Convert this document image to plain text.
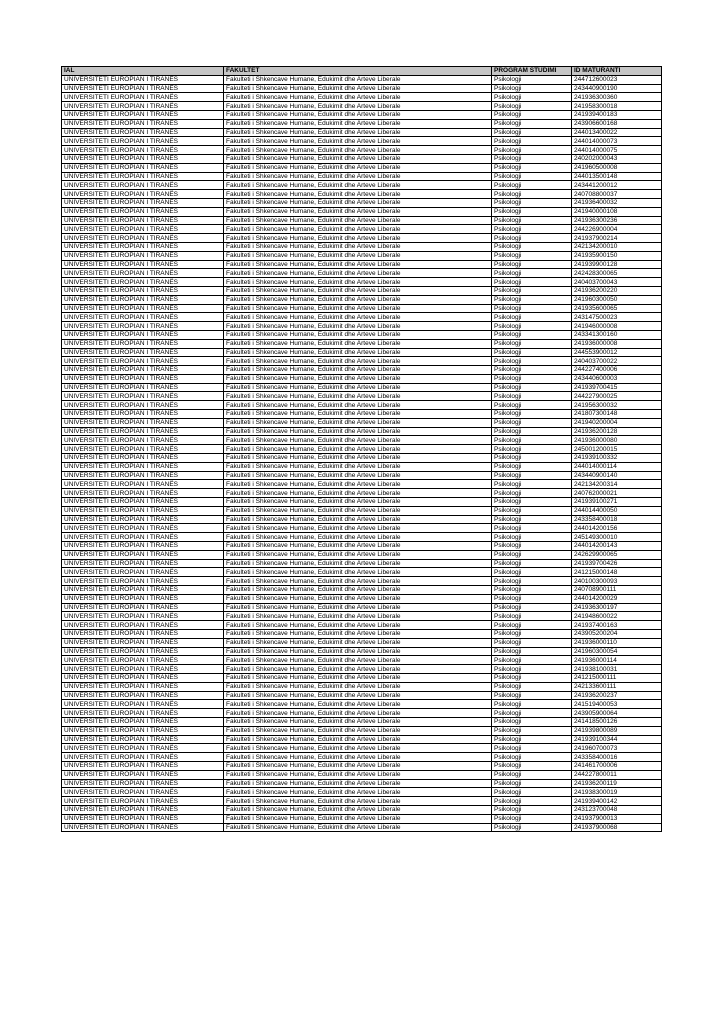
IAL	FAKULTET	PROGRAM STUDIMI	ID MATURANTI
UNIVERSITETI EUROPIAN I TIRANËS	Fakulteti i Shkencave Humane, Edukimit dhe Arteve Liberale	Psikologji	244712600023
UNIVERSITETI EUROPIAN I TIRANËS	Fakulteti i Shkencave Humane, Edukimit dhe Arteve Liberale	Psikologji	243440900190
UNIVERSITETI EUROPIAN I TIRANËS	Fakulteti i Shkencave Humane, Edukimit dhe Arteve Liberale	Psikologji	241936300360
UNIVERSITETI EUROPIAN I TIRANËS	Fakulteti i Shkencave Humane, Edukimit dhe Arteve Liberale	Psikologji	241958300018
UNIVERSITETI EUROPIAN I TIRANËS	Fakulteti i Shkencave Humane, Edukimit dhe Arteve Liberale	Psikologji	241939400183
UNIVERSITETI EUROPIAN I TIRANËS	Fakulteti i Shkencave Humane, Edukimit dhe Arteve Liberale	Psikologji	243906600168
UNIVERSITETI EUROPIAN I TIRANËS	Fakulteti i Shkencave Humane, Edukimit dhe Arteve Liberale	Psikologji	244013400022
UNIVERSITETI EUROPIAN I TIRANËS	Fakulteti i Shkencave Humane, Edukimit dhe Arteve Liberale	Psikologji	244014000073
UNIVERSITETI EUROPIAN I TIRANËS	Fakulteti i Shkencave Humane, Edukimit dhe Arteve Liberale	Psikologji	244014000075
UNIVERSITETI EUROPIAN I TIRANËS	Fakulteti i Shkencave Humane, Edukimit dhe Arteve Liberale	Psikologji	240202000043
UNIVERSITETI EUROPIAN I TIRANËS	Fakulteti i Shkencave Humane, Edukimit dhe Arteve Liberale	Psikologji	241960500008
UNIVERSITETI EUROPIAN I TIRANËS	Fakulteti i Shkencave Humane, Edukimit dhe Arteve Liberale	Psikologji	244013500148
UNIVERSITETI EUROPIAN I TIRANËS	Fakulteti i Shkencave Humane, Edukimit dhe Arteve Liberale	Psikologji	243441200012
UNIVERSITETI EUROPIAN I TIRANËS	Fakulteti i Shkencave Humane, Edukimit dhe Arteve Liberale	Psikologji	240708800037
UNIVERSITETI EUROPIAN I TIRANËS	Fakulteti i Shkencave Humane, Edukimit dhe Arteve Liberale	Psikologji	241936400032
UNIVERSITETI EUROPIAN I TIRANËS	Fakulteti i Shkencave Humane, Edukimit dhe Arteve Liberale	Psikologji	241940000108
UNIVERSITETI EUROPIAN I TIRANËS	Fakulteti i Shkencave Humane, Edukimit dhe Arteve Liberale	Psikologji	241936300236
UNIVERSITETI EUROPIAN I TIRANËS	Fakulteti i Shkencave Humane, Edukimit dhe Arteve Liberale	Psikologji	244226900004
UNIVERSITETI EUROPIAN I TIRANËS	Fakulteti i Shkencave Humane, Edukimit dhe Arteve Liberale	Psikologji	241937900214
UNIVERSITETI EUROPIAN I TIRANËS	Fakulteti i Shkencave Humane, Edukimit dhe Arteve Liberale	Psikologji	242134200010
UNIVERSITETI EUROPIAN I TIRANËS	Fakulteti i Shkencave Humane, Edukimit dhe Arteve Liberale	Psikologji	241935900150
UNIVERSITETI EUROPIAN I TIRANËS	Fakulteti i Shkencave Humane, Edukimit dhe Arteve Liberale	Psikologji	241939900128
UNIVERSITETI EUROPIAN I TIRANËS	Fakulteti i Shkencave Humane, Edukimit dhe Arteve Liberale	Psikologji	242428300065
UNIVERSITETI EUROPIAN I TIRANËS	Fakulteti i Shkencave Humane, Edukimit dhe Arteve Liberale	Psikologji	240403700043
UNIVERSITETI EUROPIAN I TIRANËS	Fakulteti i Shkencave Humane, Edukimit dhe Arteve Liberale	Psikologji	241936200220
UNIVERSITETI EUROPIAN I TIRANËS	Fakulteti i Shkencave Humane, Edukimit dhe Arteve Liberale	Psikologji	241960300050
UNIVERSITETI EUROPIAN I TIRANËS	Fakulteti i Shkencave Humane, Edukimit dhe Arteve Liberale	Psikologji	241935600065
UNIVERSITETI EUROPIAN I TIRANËS	Fakulteti i Shkencave Humane, Edukimit dhe Arteve Liberale	Psikologji	243147500023
UNIVERSITETI EUROPIAN I TIRANËS	Fakulteti i Shkencave Humane, Edukimit dhe Arteve Liberale	Psikologji	241946000008
UNIVERSITETI EUROPIAN I TIRANËS	Fakulteti i Shkencave Humane, Edukimit dhe Arteve Liberale	Psikologji	243341300160
UNIVERSITETI EUROPIAN I TIRANËS	Fakulteti i Shkencave Humane, Edukimit dhe Arteve Liberale	Psikologji	241936000008
UNIVERSITETI EUROPIAN I TIRANËS	Fakulteti i Shkencave Humane, Edukimit dhe Arteve Liberale	Psikologji	244553900012
UNIVERSITETI EUROPIAN I TIRANËS	Fakulteti i Shkencave Humane, Edukimit dhe Arteve Liberale	Psikologji	240403700022
UNIVERSITETI EUROPIAN I TIRANËS	Fakulteti i Shkencave Humane, Edukimit dhe Arteve Liberale	Psikologji	244227400006
UNIVERSITETI EUROPIAN I TIRANËS	Fakulteti i Shkencave Humane, Edukimit dhe Arteve Liberale	Psikologji	243440600003
UNIVERSITETI EUROPIAN I TIRANËS	Fakulteti i Shkencave Humane, Edukimit dhe Arteve Liberale	Psikologji	241939700415
UNIVERSITETI EUROPIAN I TIRANËS	Fakulteti i Shkencave Humane, Edukimit dhe Arteve Liberale	Psikologji	244227900025
UNIVERSITETI EUROPIAN I TIRANËS	Fakulteti i Shkencave Humane, Edukimit dhe Arteve Liberale	Psikologji	241956300032
UNIVERSITETI EUROPIAN I TIRANËS	Fakulteti i Shkencave Humane, Edukimit dhe Arteve Liberale	Psikologji	241807300148
UNIVERSITETI EUROPIAN I TIRANËS	Fakulteti i Shkencave Humane, Edukimit dhe Arteve Liberale	Psikologji	241940200004
UNIVERSITETI EUROPIAN I TIRANËS	Fakulteti i Shkencave Humane, Edukimit dhe Arteve Liberale	Psikologji	241936200128
UNIVERSITETI EUROPIAN I TIRANËS	Fakulteti i Shkencave Humane, Edukimit dhe Arteve Liberale	Psikologji	241936000080
UNIVERSITETI EUROPIAN I TIRANËS	Fakulteti i Shkencave Humane, Edukimit dhe Arteve Liberale	Psikologji	245001200015
UNIVERSITETI EUROPIAN I TIRANËS	Fakulteti i Shkencave Humane, Edukimit dhe Arteve Liberale	Psikologji	241939100332
UNIVERSITETI EUROPIAN I TIRANËS	Fakulteti i Shkencave Humane, Edukimit dhe Arteve Liberale	Psikologji	244014000114
UNIVERSITETI EUROPIAN I TIRANËS	Fakulteti i Shkencave Humane, Edukimit dhe Arteve Liberale	Psikologji	243440900140
UNIVERSITETI EUROPIAN I TIRANËS	Fakulteti i Shkencave Humane, Edukimit dhe Arteve Liberale	Psikologji	242134200314
UNIVERSITETI EUROPIAN I TIRANËS	Fakulteti i Shkencave Humane, Edukimit dhe Arteve Liberale	Psikologji	240762000021
UNIVERSITETI EUROPIAN I TIRANËS	Fakulteti i Shkencave Humane, Edukimit dhe Arteve Liberale	Psikologji	241939100271
UNIVERSITETI EUROPIAN I TIRANËS	Fakulteti i Shkencave Humane, Edukimit dhe Arteve Liberale	Psikologji	244014400050
UNIVERSITETI EUROPIAN I TIRANËS	Fakulteti i Shkencave Humane, Edukimit dhe Arteve Liberale	Psikologji	243358400018
UNIVERSITETI EUROPIAN I TIRANËS	Fakulteti i Shkencave Humane, Edukimit dhe Arteve Liberale	Psikologji	244014200156
UNIVERSITETI EUROPIAN I TIRANËS	Fakulteti i Shkencave Humane, Edukimit dhe Arteve Liberale	Psikologji	245149300010
UNIVERSITETI EUROPIAN I TIRANËS	Fakulteti i Shkencave Humane, Edukimit dhe Arteve Liberale	Psikologji	244014200143
UNIVERSITETI EUROPIAN I TIRANËS	Fakulteti i Shkencave Humane, Edukimit dhe Arteve Liberale	Psikologji	242629900065
UNIVERSITETI EUROPIAN I TIRANËS	Fakulteti i Shkencave Humane, Edukimit dhe Arteve Liberale	Psikologji	241939700426
UNIVERSITETI EUROPIAN I TIRANËS	Fakulteti i Shkencave Humane, Edukimit dhe Arteve Liberale	Psikologji	241215000148
UNIVERSITETI EUROPIAN I TIRANËS	Fakulteti i Shkencave Humane, Edukimit dhe Arteve Liberale	Psikologji	240100300093
UNIVERSITETI EUROPIAN I TIRANËS	Fakulteti i Shkencave Humane, Edukimit dhe Arteve Liberale	Psikologji	240708900111
UNIVERSITETI EUROPIAN I TIRANËS	Fakulteti i Shkencave Humane, Edukimit dhe Arteve Liberale	Psikologji	244014200029
UNIVERSITETI EUROPIAN I TIRANËS	Fakulteti i Shkencave Humane, Edukimit dhe Arteve Liberale	Psikologji	241936300197
UNIVERSITETI EUROPIAN I TIRANËS	Fakulteti i Shkencave Humane, Edukimit dhe Arteve Liberale	Psikologji	241948600022
UNIVERSITETI EUROPIAN I TIRANËS	Fakulteti i Shkencave Humane, Edukimit dhe Arteve Liberale	Psikologji	241937400163
UNIVERSITETI EUROPIAN I TIRANËS	Fakulteti i Shkencave Humane, Edukimit dhe Arteve Liberale	Psikologji	243905200204
UNIVERSITETI EUROPIAN I TIRANËS	Fakulteti i Shkencave Humane, Edukimit dhe Arteve Liberale	Psikologji	241936000110
UNIVERSITETI EUROPIAN I TIRANËS	Fakulteti i Shkencave Humane, Edukimit dhe Arteve Liberale	Psikologji	241960300054
UNIVERSITETI EUROPIAN I TIRANËS	Fakulteti i Shkencave Humane, Edukimit dhe Arteve Liberale	Psikologji	241936000114
UNIVERSITETI EUROPIAN I TIRANËS	Fakulteti i Shkencave Humane, Edukimit dhe Arteve Liberale	Psikologji	241938100031
UNIVERSITETI EUROPIAN I TIRANËS	Fakulteti i Shkencave Humane, Edukimit dhe Arteve Liberale	Psikologji	241215000111
UNIVERSITETI EUROPIAN I TIRANËS	Fakulteti i Shkencave Humane, Edukimit dhe Arteve Liberale	Psikologji	242133600111
UNIVERSITETI EUROPIAN I TIRANËS	Fakulteti i Shkencave Humane, Edukimit dhe Arteve Liberale	Psikologji	241936200237
UNIVERSITETI EUROPIAN I TIRANËS	Fakulteti i Shkencave Humane, Edukimit dhe Arteve Liberale	Psikologji	241519400053
UNIVERSITETI EUROPIAN I TIRANËS	Fakulteti i Shkencave Humane, Edukimit dhe Arteve Liberale	Psikologji	243905900064
UNIVERSITETI EUROPIAN I TIRANËS	Fakulteti i Shkencave Humane, Edukimit dhe Arteve Liberale	Psikologji	241418500126
UNIVERSITETI EUROPIAN I TIRANËS	Fakulteti i Shkencave Humane, Edukimit dhe Arteve Liberale	Psikologji	241939800089
UNIVERSITETI EUROPIAN I TIRANËS	Fakulteti i Shkencave Humane, Edukimit dhe Arteve Liberale	Psikologji	241939100344
UNIVERSITETI EUROPIAN I TIRANËS	Fakulteti i Shkencave Humane, Edukimit dhe Arteve Liberale	Psikologji	241960700073
UNIVERSITETI EUROPIAN I TIRANËS	Fakulteti i Shkencave Humane, Edukimit dhe Arteve Liberale	Psikologji	243358400016
UNIVERSITETI EUROPIAN I TIRANËS	Fakulteti i Shkencave Humane, Edukimit dhe Arteve Liberale	Psikologji	241461700006
UNIVERSITETI EUROPIAN I TIRANËS	Fakulteti i Shkencave Humane, Edukimit dhe Arteve Liberale	Psikologji	244227800011
UNIVERSITETI EUROPIAN I TIRANËS	Fakulteti i Shkencave Humane, Edukimit dhe Arteve Liberale	Psikologji	241936200119
UNIVERSITETI EUROPIAN I TIRANËS	Fakulteti i Shkencave Humane, Edukimit dhe Arteve Liberale	Psikologji	241938300019
UNIVERSITETI EUROPIAN I TIRANËS	Fakulteti i Shkencave Humane, Edukimit dhe Arteve Liberale	Psikologji	241939400142
UNIVERSITETI EUROPIAN I TIRANËS	Fakulteti i Shkencave Humane, Edukimit dhe Arteve Liberale	Psikologji	243123700048
UNIVERSITETI EUROPIAN I TIRANËS	Fakulteti i Shkencave Humane, Edukimit dhe Arteve Liberale	Psikologji	241937900013
UNIVERSITETI EUROPIAN I TIRANËS	Fakulteti i Shkencave Humane, Edukimit dhe Arteve Liberale	Psikologji	241937900068
